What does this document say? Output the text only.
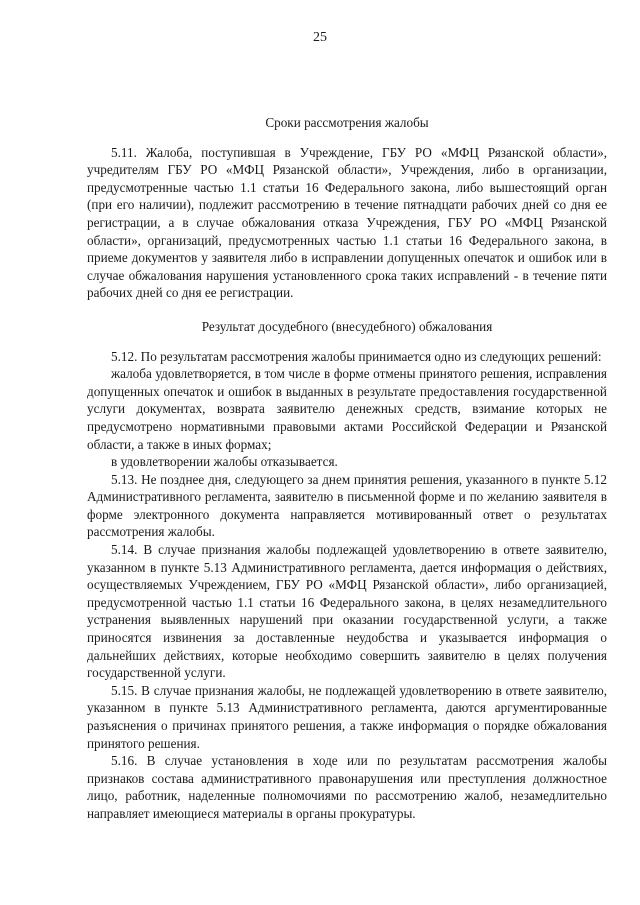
25
Сроки рассмотрения жалобы

5.11. Жалоба, поступившая в Учреждение, ГБУ РО «МФЦ Рязанской области», учредителям ГБУ РО «МФЦ Рязанской области», Учреждения, либо в организации, предусмотренные частью 1.1 статьи 16 Федерального закона, либо вышестоящий орган (при его наличии), подлежит рассмотрению в течение пятнадцати рабочих дней со дня ее регистрации, а в случае обжалования отказа Учреждения, ГБУ РО «МФЦ Рязанской области», организаций, предусмотренных частью 1.1 статьи 16 Федерального закона, в приеме документов у заявителя либо в исправлении допущенных опечаток и ошибок или в случае обжалования нарушения установленного срока таких исправлений - в течение пяти рабочих дней со дня ее регистрации.

Результат досудебного (внесудебного) обжалования

5.12. По результатам рассмотрения жалобы принимается одно из следующих решений:

жалоба удовлетворяется, в том числе в форме отмены принятого решения, исправления допущенных опечаток и ошибок в выданных в результате предоставления государственной услуги документах, возврата заявителю денежных средств, взимание которых не предусмотрено нормативными правовыми актами Российской Федерации и Рязанской области, а также в иных формах;

в удовлетворении жалобы отказывается.

5.13. Не позднее дня, следующего за днем принятия решения, указанного в пункте 5.12 Административного регламента, заявителю в письменной форме и по желанию заявителя в форме электронного документа направляется мотивированный ответ о результатах рассмотрения жалобы.

5.14. В случае признания жалобы подлежащей удовлетворению в ответе заявителю, указанном в пункте 5.13 Административного регламента, дается информация о действиях, осуществляемых Учреждением, ГБУ РО «МФЦ Рязанской области», либо организацией, предусмотренной частью 1.1 статьи 16 Федерального закона, в целях незамедлительного устранения выявленных нарушений при оказании государственной услуги, а также приносятся извинения за доставленные неудобства и указывается информация о дальнейших действиях, которые необходимо совершить заявителю в целях получения государственной услуги.

5.15. В случае признания жалобы, не подлежащей удовлетворению в ответе заявителю, указанном в пункте 5.13 Административного регламента, даются аргументированные разъяснения о причинах принятого решения, а также информация о порядке обжалования принятого решения.

5.16. В случае установления в ходе или по результатам рассмотрения жалобы признаков состава административного правонарушения или преступления должностное лицо, работник, наделенные полномочиями по рассмотрению жалоб, незамедлительно направляет имеющиеся материалы в органы прокуратуры.
